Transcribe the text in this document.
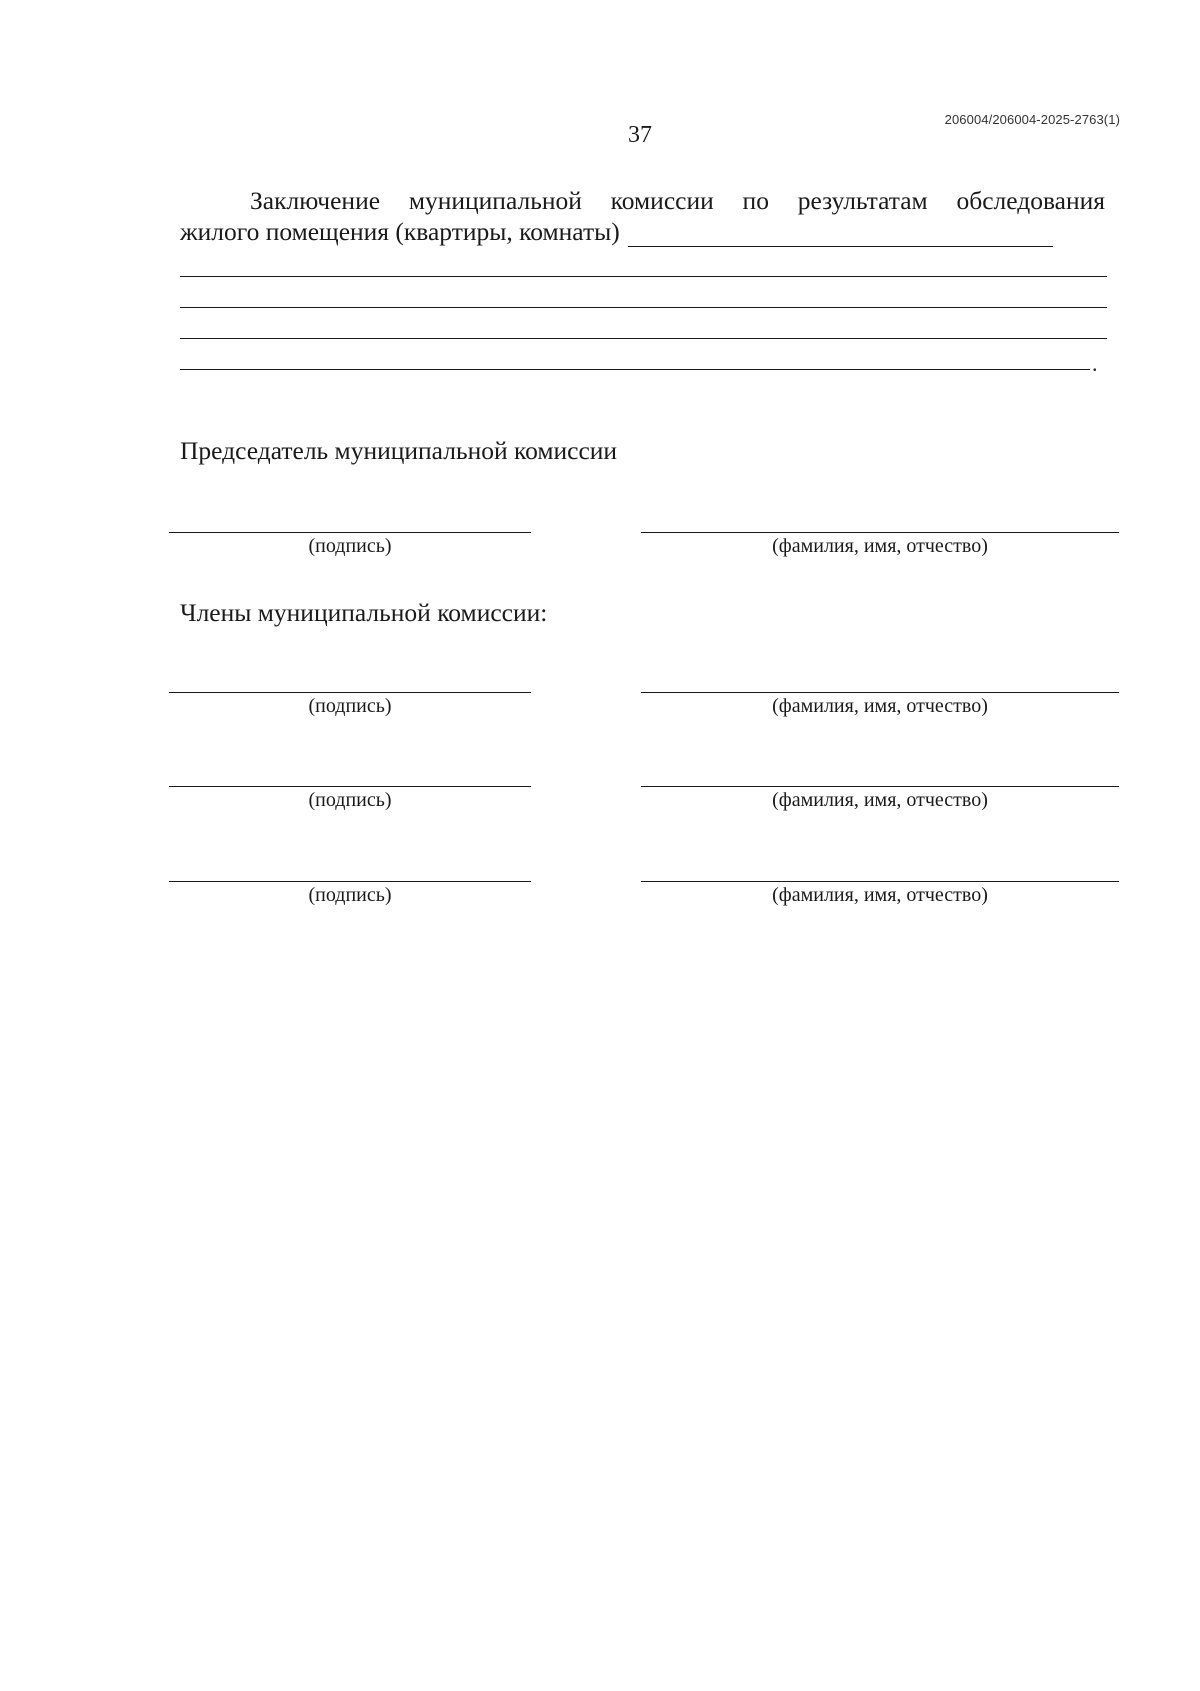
206004/206004-2025-2763(1)
37
Заключение муниципальной комиссии по результатам обследования
жилого помещения (квартиры, комнаты)
.
Председатель муниципальной комиссии
(подпись)	(фамилия, имя, отчество)
Члены муниципальной комиссии:
(подпись)	(фамилия, имя, отчество)
(подпись)	(фамилия, имя, отчество)
(подпись)	(фамилия, имя, отчество)
